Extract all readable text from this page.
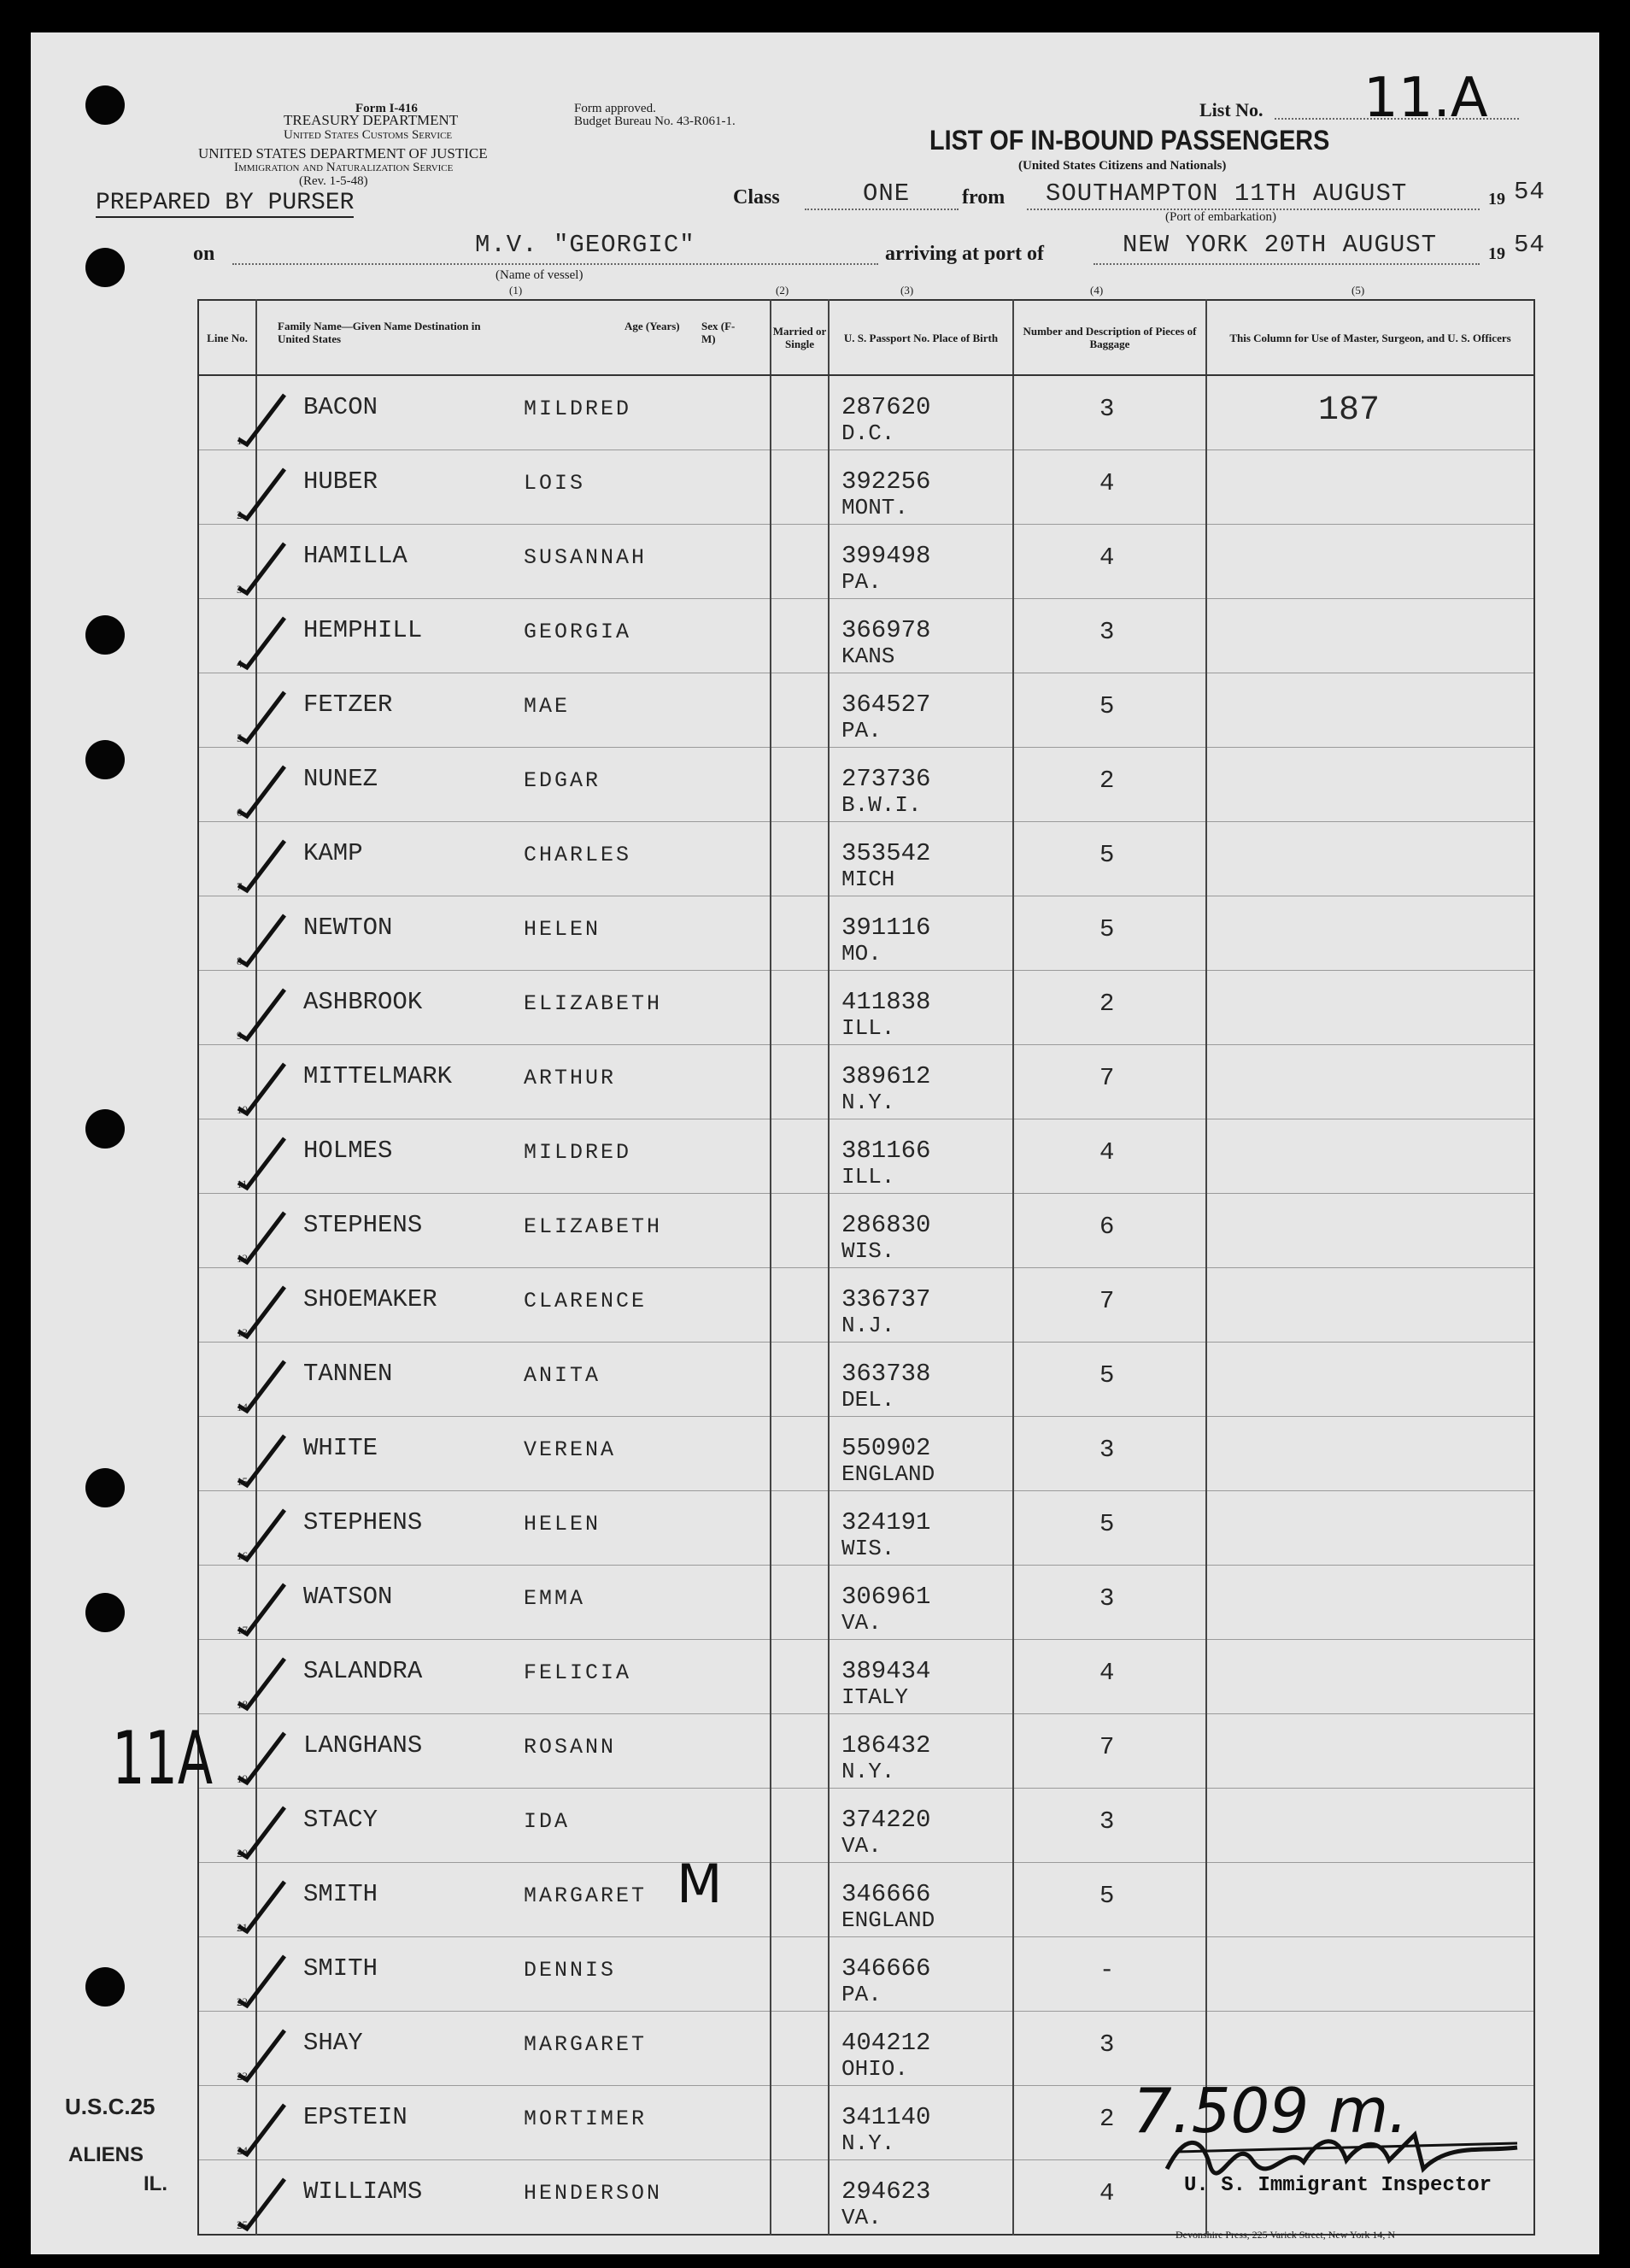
Form I-416
TREASURY DEPARTMENT
United States Customs Service
UNITED STATES DEPARTMENT OF JUSTICE
Immigration and Naturalization Service
(Rev. 1-5-48)
Form approved.
Budget Bureau No. 43-R061-1.
List No. 11.A
LIST OF IN-BOUND PASSENGERS
(United States Citizens and Nationals)
PREPARED BY PURSER	Class	ONE	from SOUTHAMPTON 11TH AUGUST
(Port of embarkation)
19 54
on	M.V. "GEORGIC"
(Name of vessel)
arriving at port of	NEW YORK 20TH AUGUST	19 54
(1)	(2)	(3)	(4)	(5)
Line No.	Family Name—Given Name Destination in United States
Age (Years) Sex (F-M)	Married or Single	U. S. Passport No. Place of Birth	Number and Description of Pieces of Baggage	This Column for Use of Master, Surgeon, and U. S. Officers

1	BACON MILDRED		287620
D.C.	3	187

2	HUBER LOIS		392256
MONT.	4	

3	HAMILLA SUSANNAH		399498
PA.	4	

4	HEMPHILL GEORGIA		366978
KANS	3	

5	FETZER MAE		364527
PA.	5	

6	NUNEZ EDGAR		273736
B.W.I.	2	

7	KAMP CHARLES		353542
MICH	5	

8	NEWTON HELEN		391116
MO.	5	

9	ASHBROOK ELIZABETH		411838
ILL.	2	

10	MITTELMARK ARTHUR		389612
N.Y.	7	

11	HOLMES MILDRED		381166
ILL.	4	

12	STEPHENS ELIZABETH		286830
WIS.	6	

13	SHOEMAKER CLARENCE		336737
N.J.	7	

14	TANNEN ANITA		363738
DEL.	5	

15	WHITE VERENA		550902
ENGLAND	3	

16	STEPHENS HELEN		324191
WIS.	5	

17	WATSON EMMA		306961
VA.	3	

18	SALANDRA FELICIA		389434
ITALY	4	

19	LANGHANS ROSANN		186432
N.Y.	7	

20	STACY IDA		374220
VA.	3	

21	SMITH MARGARET		346666
ENGLAND	5	

22	SMITH DENNIS		346666
PA.	-	

23	SHAY MARGARET		404212
OHIO.	3	

24	EPSTEIN MORTIMER		341140
N.Y.	2	

25	WILLIAMS HENDERSON		294623
VA.	4	

11A
M
U.S.C.25
ALIENS
IL.
7.509 m.
U. S. Immigrant Inspector
Devonshire Press, 225 Varick Street, New York 14, N
